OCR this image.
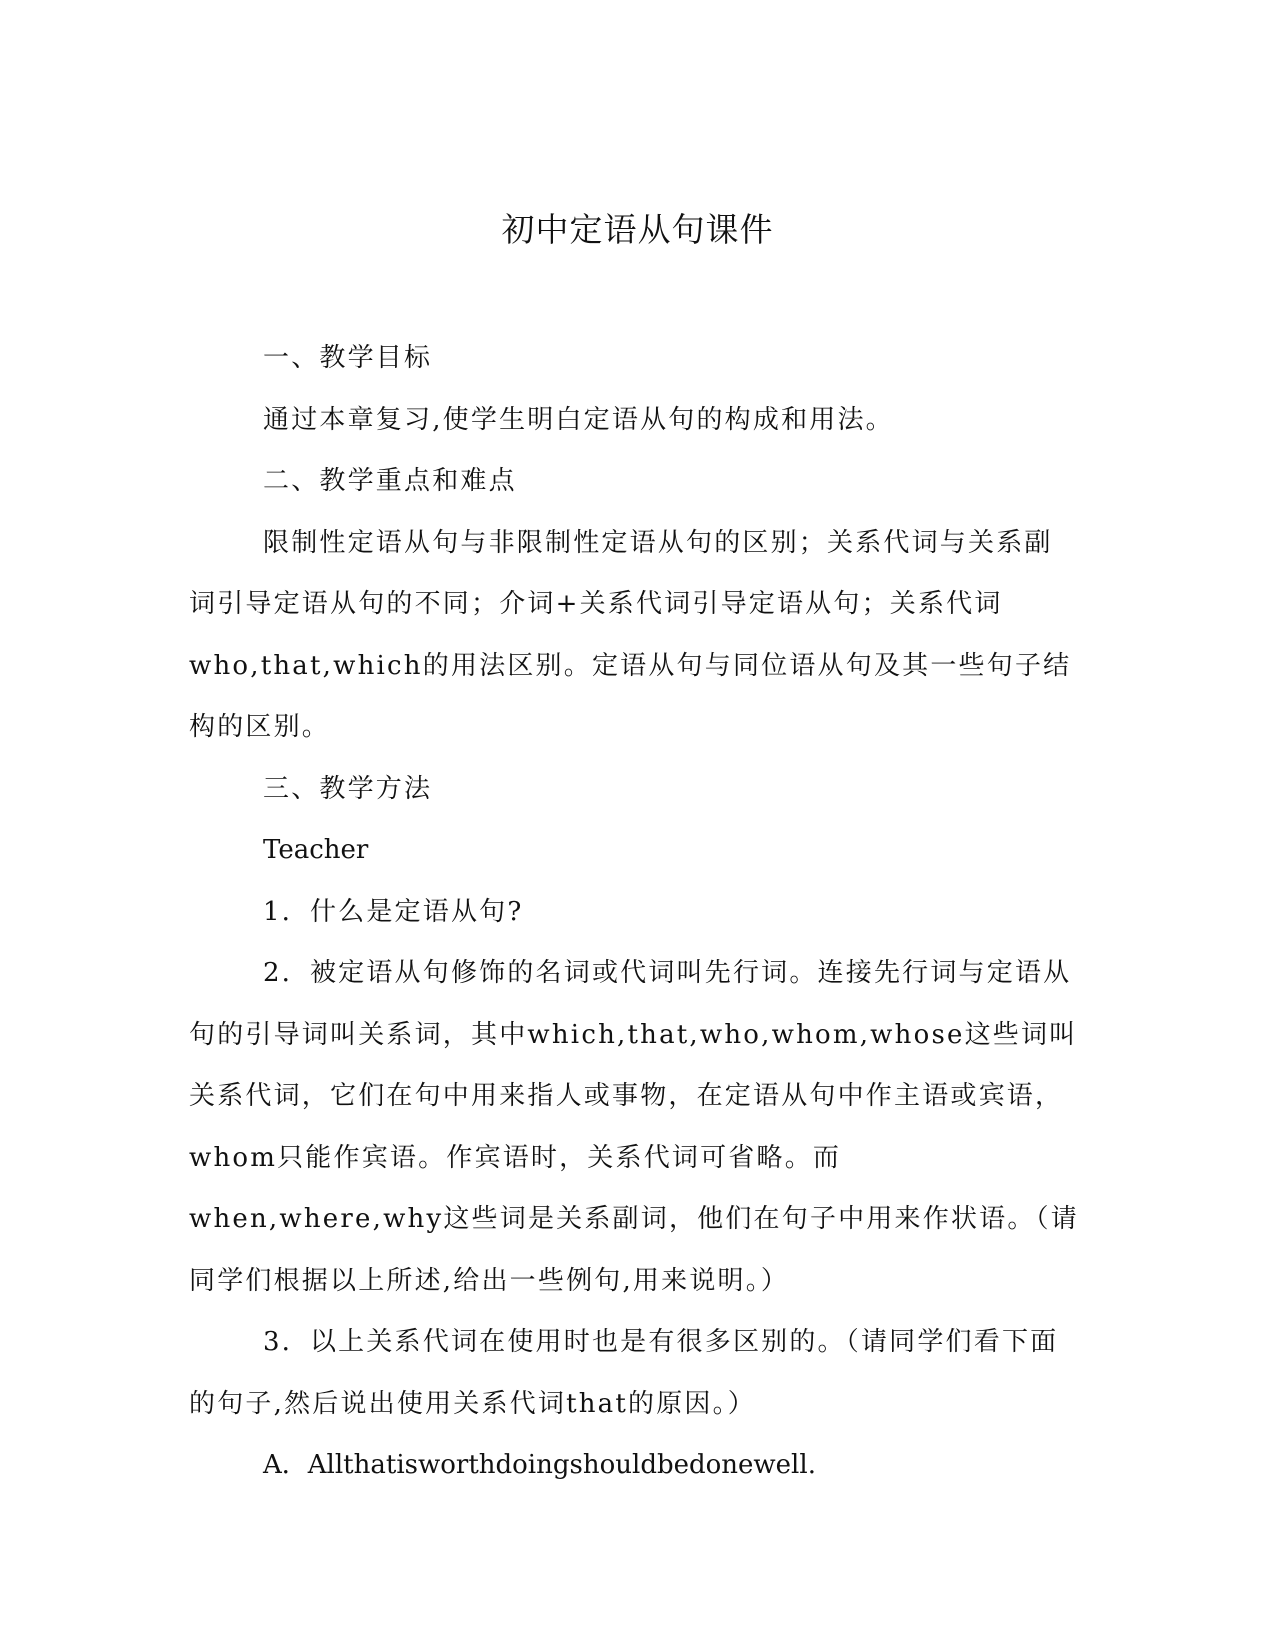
初中定语从句课件

一、教学目标

通过本章复习,使学生明白定语从句的构成和用法。

二、教学重点和难点

限制性定语从句与非限制性定语从句的区别；关系代词与关系副词引导定语从句的不同；介词+关系代词引导定语从句；关系代词who,that,which的用法区别。定语从句与同位语从句及其一些句子结构的区别。

三、教学方法

Teacher

1．什么是定语从句?

2．被定语从句修饰的名词或代词叫先行词。连接先行词与定语从句的引导词叫关系词，其中which,that,who,whom,whose这些词叫关系代词，它们在句中用来指人或事物，在定语从句中作主语或宾语，whom只能作宾语。作宾语时，关系代词可省略。而when,where,why这些词是关系副词，他们在句子中用来作状语。（请同学们根据以上所述,给出一些例句,用来说明。）

3．以上关系代词在使用时也是有很多区别的。（请同学们看下面的句子,然后说出使用关系代词that的原因。）

A．Allthatisworthdoingshouldbedonewell.
